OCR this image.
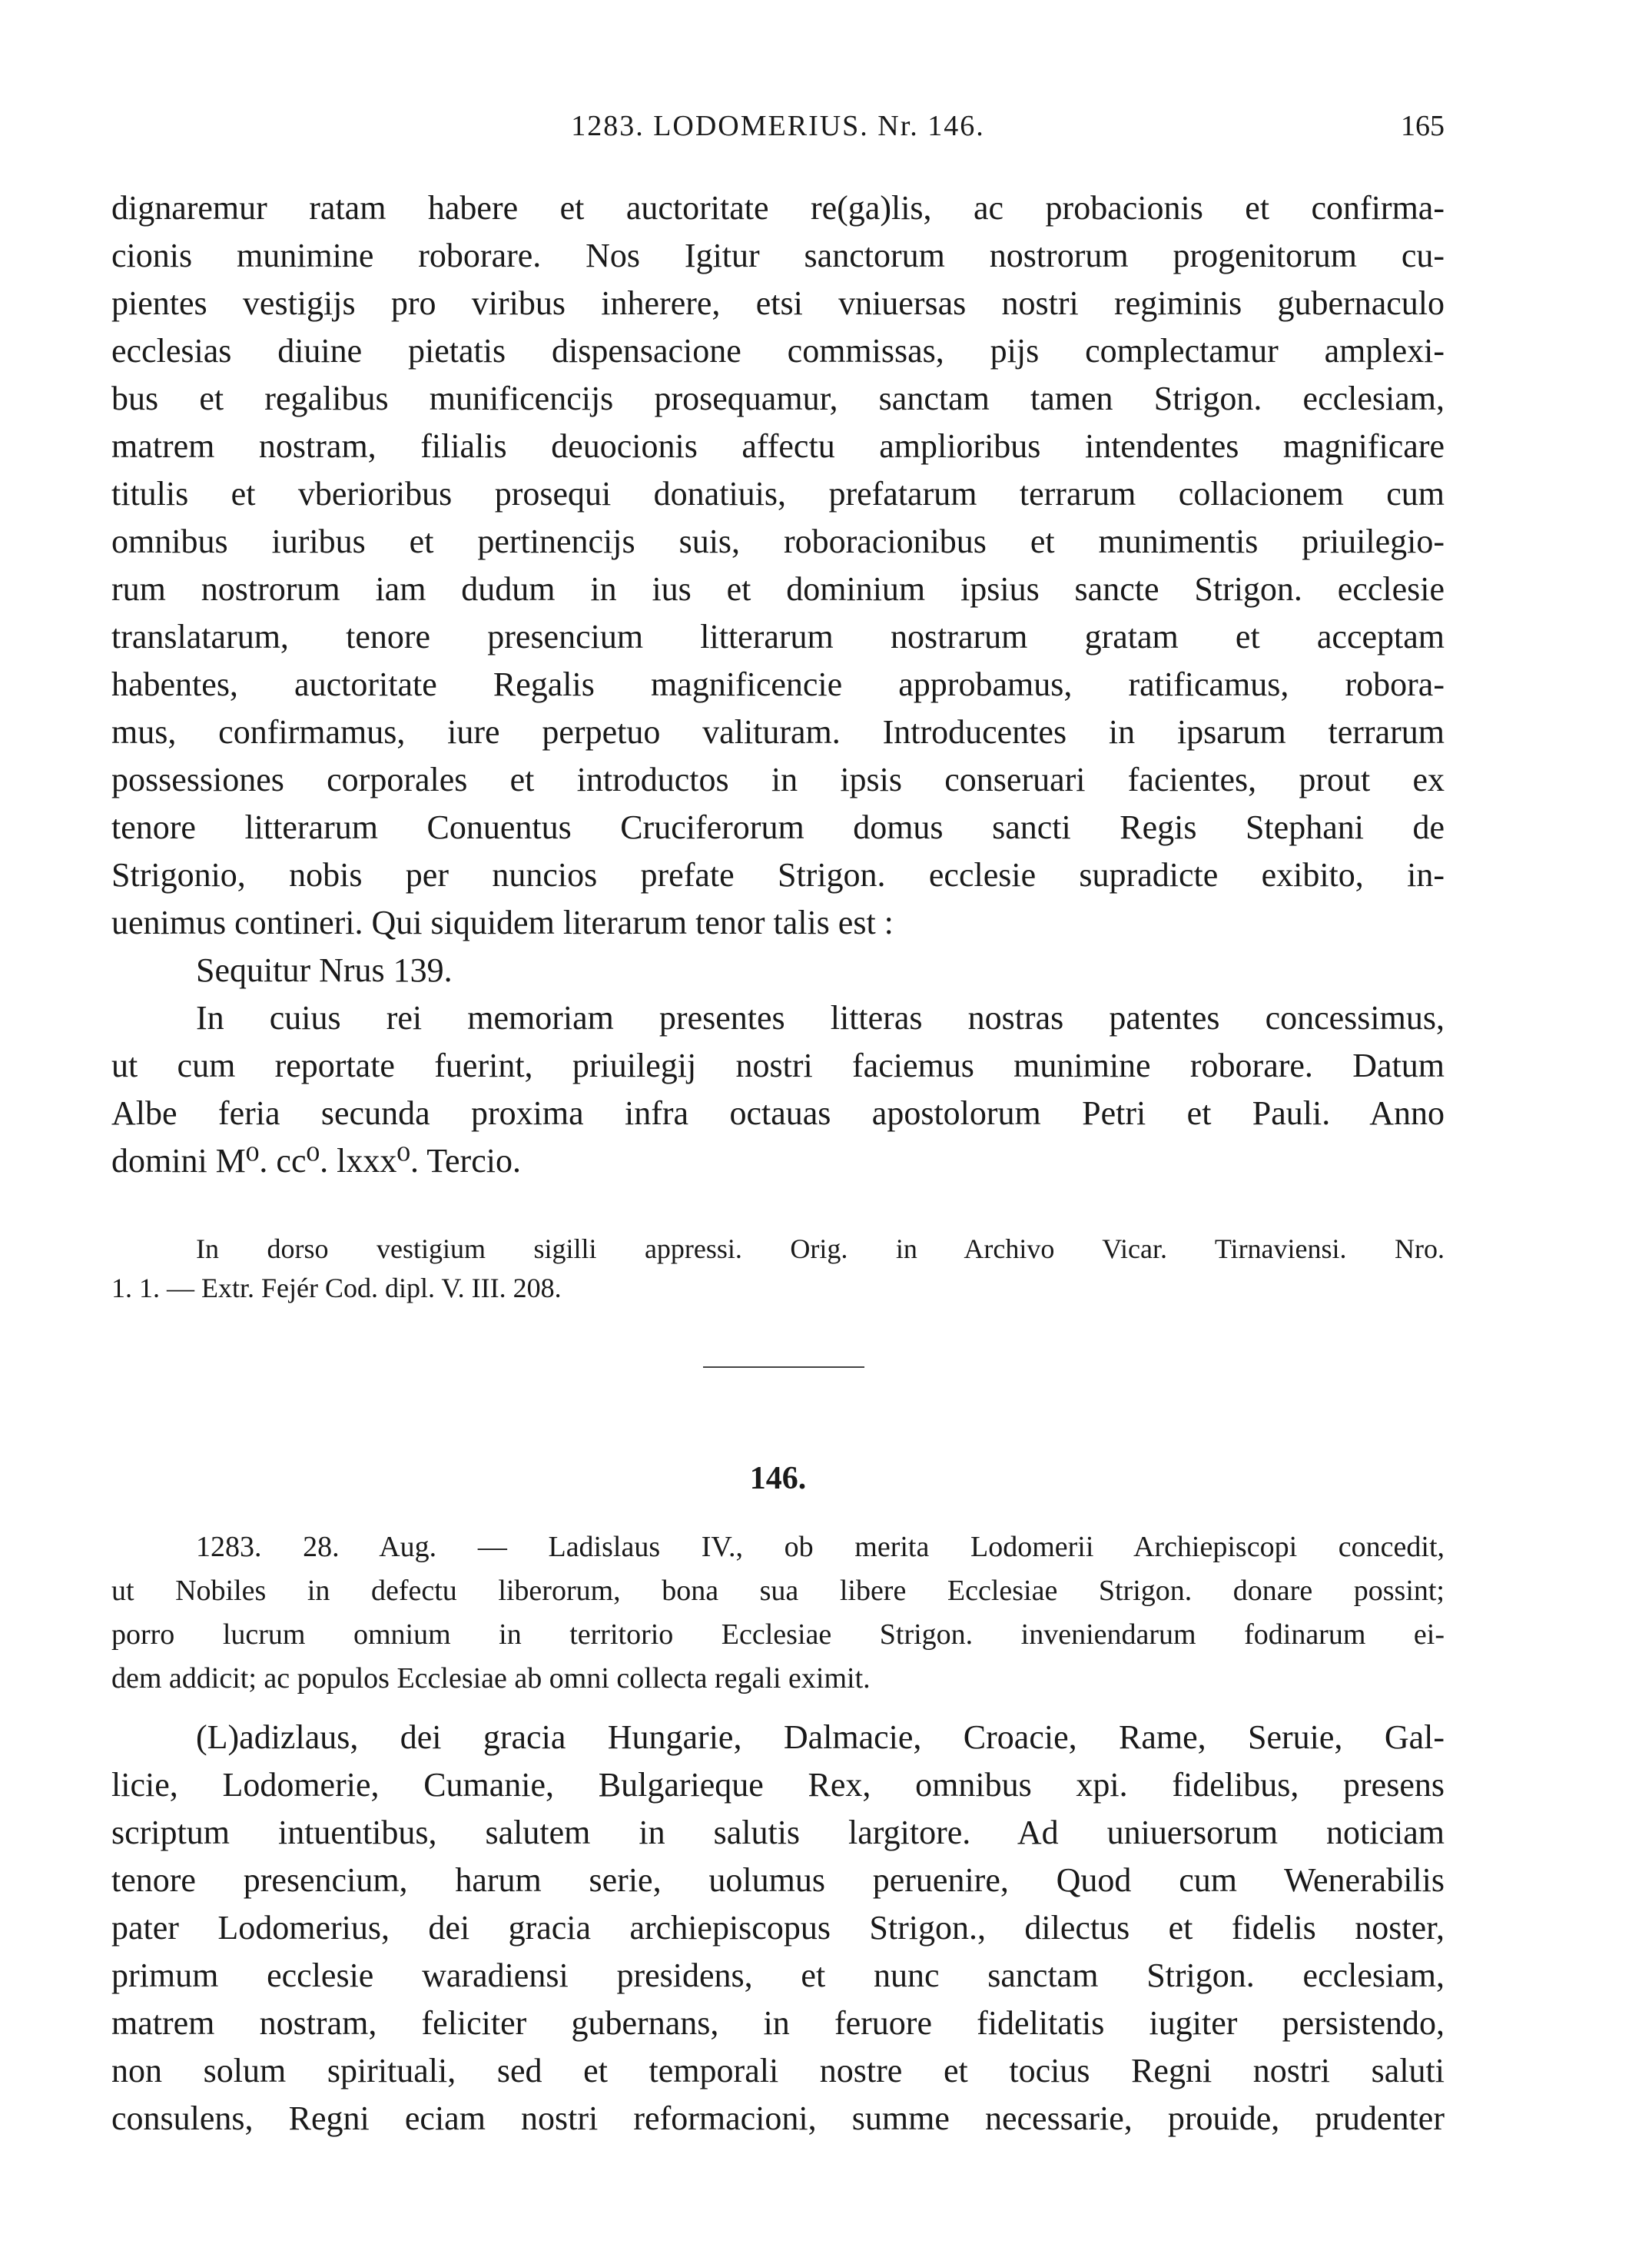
1283. LODOMERIUS. Nr. 146.	165
dignaremur ratam habere et auctoritate re(ga)lis, ac probacionis et confirma-
cionis munimine roborare. Nos Igitur sanctorum nostrorum progenitorum cu-
pientes vestigijs pro viribus inherere, etsi vniuersas nostri regiminis gubernaculo
ecclesias diuine pietatis dispensacione commissas, pijs complectamur amplexi-
bus et regalibus munificencijs prosequamur, sanctam tamen Strigon. ecclesiam,
matrem nostram, filialis deuocionis affectu amplioribus intendentes magnificare
titulis et vberioribus prosequi donatiuis, prefatarum terrarum collacionem cum
omnibus iuribus et pertinencijs suis, roboracionibus et munimentis priuilegio-
rum nostrorum iam dudum in ius et dominium ipsius sancte Strigon. ecclesie
translatarum, tenore presencium litterarum nostrarum gratam et acceptam
habentes, auctoritate Regalis magnificencie approbamus, ratificamus, robora-
mus, confirmamus, iure perpetuo valituram. Introducentes in ipsarum terrarum
possessiones corporales et introductos in ipsis conseruari facientes, prout ex
tenore litterarum Conuentus Cruciferorum domus sancti Regis Stephani de
Strigonio, nobis per nuncios prefate Strigon. ecclesie supradicte exibito, in-
uenimus contineri. Qui siquidem literarum tenor talis est :
Sequitur Nrus 139.
In cuius rei memoriam presentes litteras nostras patentes concessimus,
ut cum reportate fuerint, priuilegij nostri faciemus munimine roborare. Datum
Albe feria secunda proxima infra octauas apostolorum Petri et Pauli. Anno
domini M⁰. cc⁰. lxxx⁰. Tercio.
In dorso vestigium sigilli appressi. Orig. in Archivo Vicar. Tirnaviensi. Nro.
1. 1. — Extr. Fejér Cod. dipl. V. III. 208.
146.
1283. 28. Aug. — Ladislaus IV., ob merita Lodomerii Archiepiscopi concedit,
ut Nobiles in defectu liberorum, bona sua libere Ecclesiae Strigon. donare possint;
porro lucrum omnium in territorio Ecclesiae Strigon. inveniendarum fodinarum ei-
dem addicit; ac populos Ecclesiae ab omni collecta regali eximit.
(L)adizlaus, dei gracia Hungarie, Dalmacie, Croacie, Rame, Seruie, Gal-
licie, Lodomerie, Cumanie, Bulgarieque Rex, omnibus xpi. fidelibus, presens
scriptum intuentibus, salutem in salutis largitore. Ad uniuersorum noticiam
tenore presencium, harum serie, uolumus peruenire, Quod cum Wenerabilis
pater Lodomerius, dei gracia archiepiscopus Strigon., dilectus et fidelis noster,
primum ecclesie waradiensi presidens, et nunc sanctam Strigon. ecclesiam,
matrem nostram, feliciter gubernans, in feruore fidelitatis iugiter persistendo,
non solum spirituali, sed et temporali nostre et tocius Regni nostri saluti
consulens, Regni eciam nostri reformacioni, summe necessarie, prouide, prudenter
